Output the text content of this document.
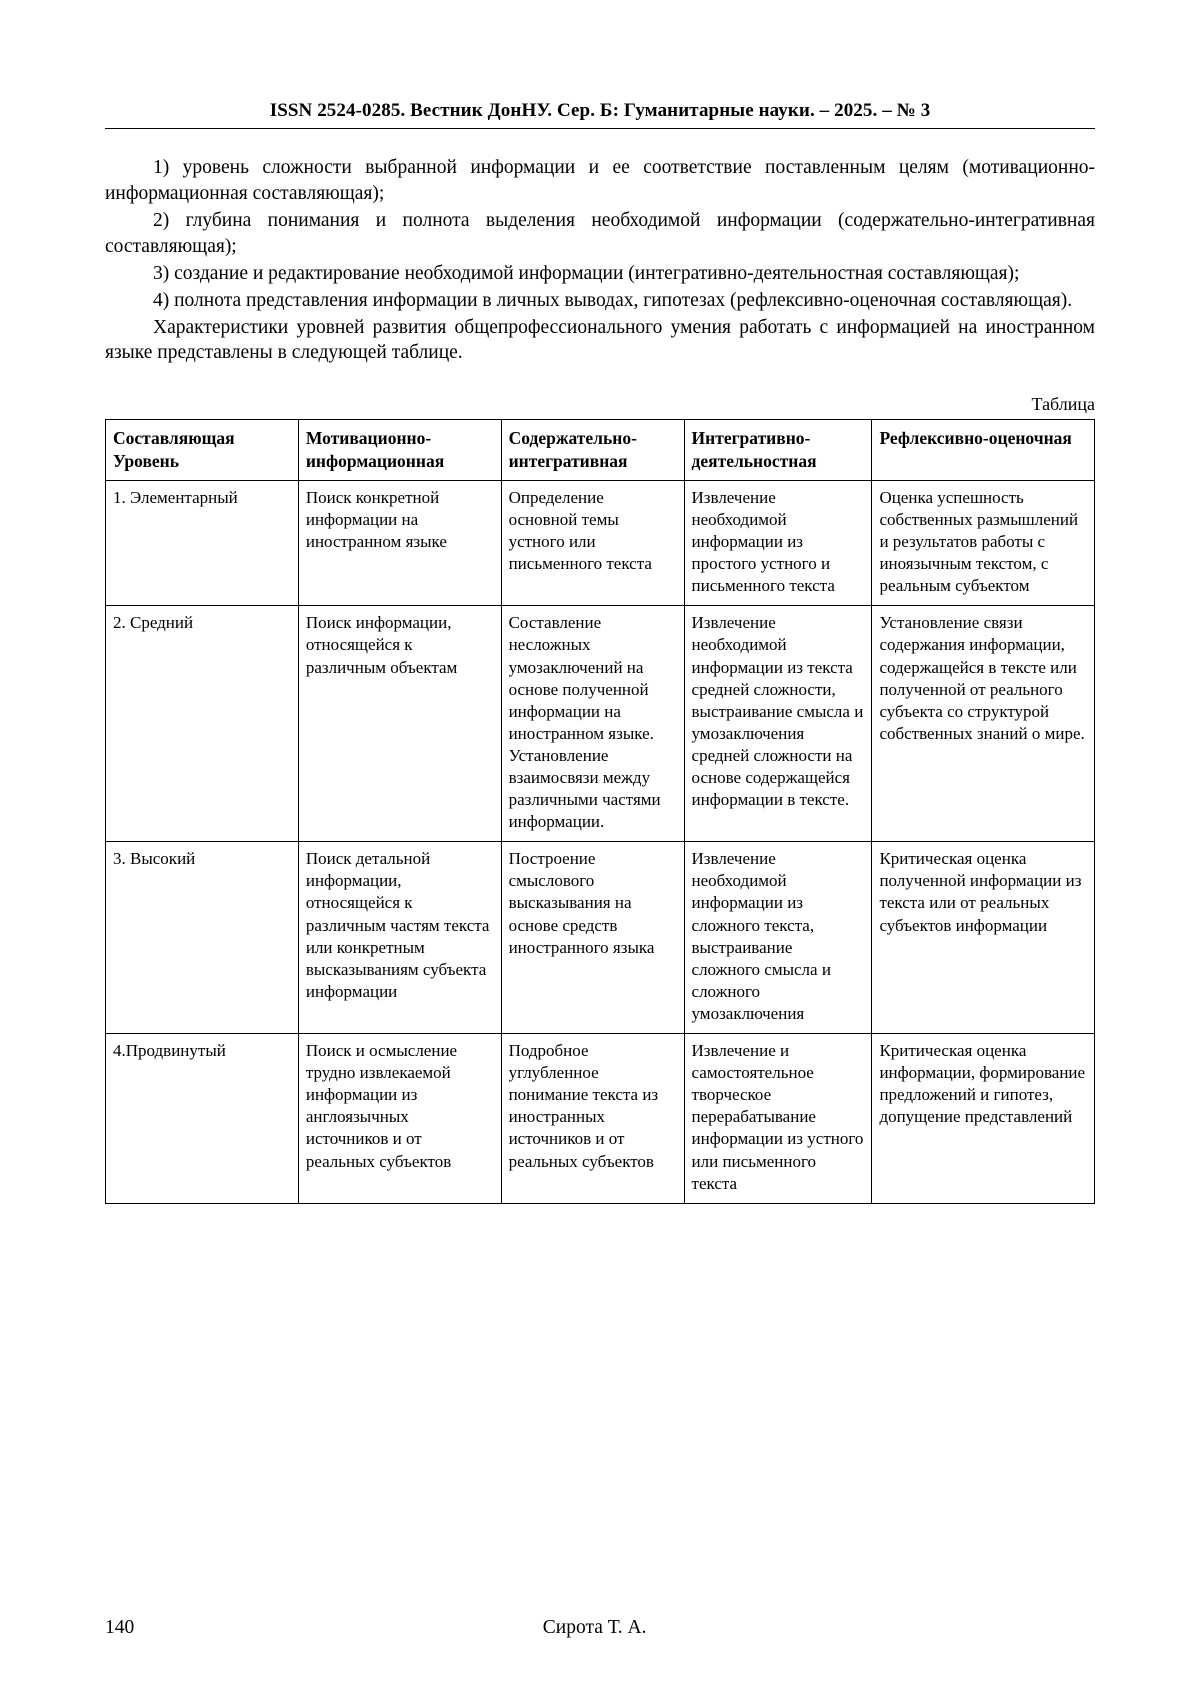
ISSN 2524-0285. Вестник ДонНУ. Сер. Б: Гуманитарные науки. – 2025. – № 3

1) уровень сложности выбранной информации и ее соответствие поставленным целям (мотивационно-информационная составляющая);

2) глубина понимания и полнота выделения необходимой информации (содержательно-интегративная составляющая);

3) создание и редактирование необходимой информации (интегративно-деятельностная составляющая);

4) полнота представления информации в личных выводах, гипотезах (рефлексивно-оценочная составляющая).

Характеристики уровней развития общепрофессионального умения работать с информацией на иностранном языке представлены в следующей таблице.

Таблица
Составляющая
Уровень	Мотивационно-информационная	Содержательно-интегративная	Интегративно-деятельностная	Рефлексивно-оценочная
1. Элементарный	Поиск конкретной информации на иностранном языке	Определение основной темы устного или письменного текста	Извлечение необходимой информации из простого устного и письменного текста	Оценка успешность собственных размышлений и результатов работы с иноязычным текстом, с реальным субъектом
2. Средний	Поиск информации, относящейся к различным объектам	Составление несложных умозаключений на основе полученной информации на иностранном языке. Установление взаимосвязи между различными частями информации.	Извлечение необходимой информации из текста средней сложности, выстраивание смысла и умозаключения средней сложности на основе содержащейся информации в тексте.	Установление связи содержания информации, содержащейся в тексте или полученной от реального субъекта со структурой собственных знаний о мире.
3. Высокий	Поиск детальной информации, относящейся к различным частям текста или конкретным высказываниям субъекта информации	Построение смыслового высказывания на основе средств иностранного языка	Извлечение необходимой информации из сложного текста, выстраивание сложного смысла и сложного умозаключения	Критическая оценка полученной информации из текста или от реальных субъектов информации
4.Продвинутый	Поиск и осмысление трудно извлекаемой информации из англоязычных источников и от реальных субъектов	Подробное углубленное понимание текста из иностранных источников и от реальных субъектов	Извлечение и самостоятельное творческое перерабатывание информации из устного или письменного текста	Критическая оценка информации, формирование предложений и гипотез, допущение представлений
140	Сирота Т. А.
